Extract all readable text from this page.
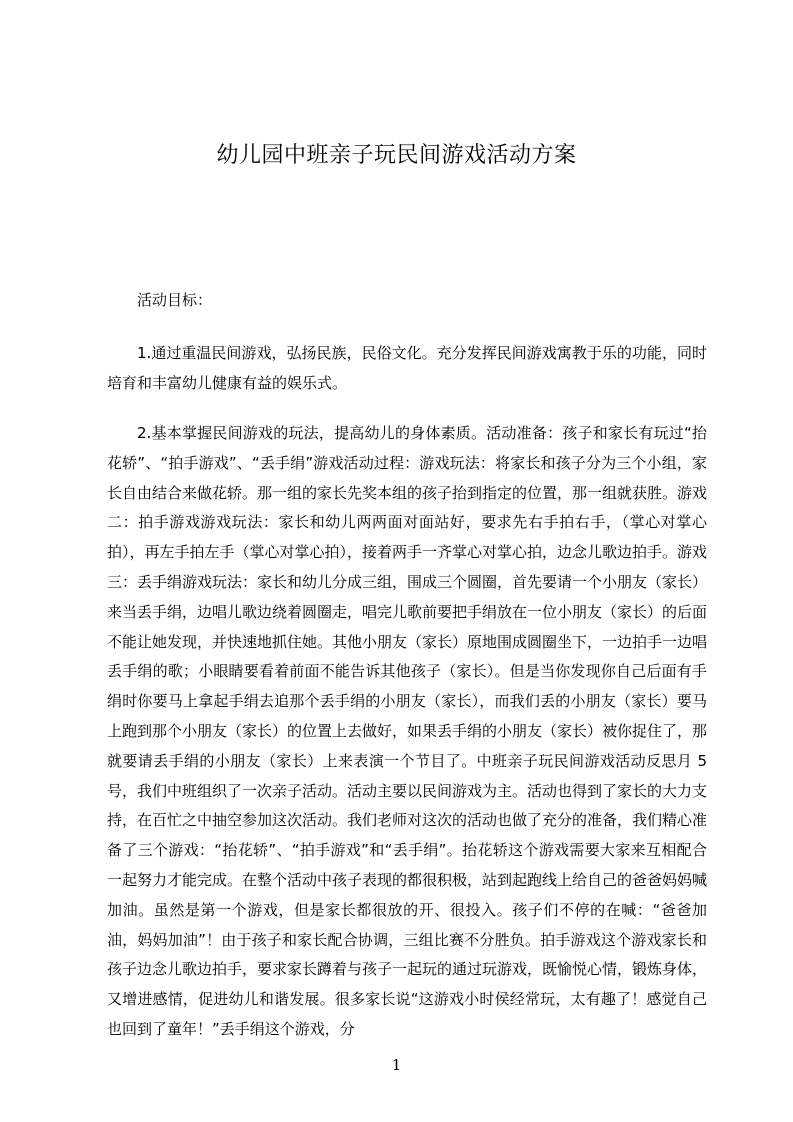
幼儿园中班亲子玩民间游戏活动方案
活动目标：

1.通过重温民间游戏，弘扬民族，民俗文化。充分发挥民间游戏寓教于乐的功能，同时培育和丰富幼儿健康有益的娱乐式。

2.基本掌握民间游戏的玩法，提高幼儿的身体素质。活动准备：孩子和家长有玩过“抬花轿”、“拍手游戏”、“丢手绢”游戏活动过程：游戏玩法：将家长和孩子分为三个小组，家长自由结合来做花轿。那一组的家长先奖本组的孩子抬到指定的位置，那一组就获胜。游戏二：拍手游戏游戏玩法：家长和幼儿两两面对面站好，要求先右手拍右手，（掌心对掌心拍），再左手拍左手（掌心对掌心拍），接着两手一齐掌心对掌心拍，边念儿歌边拍手。游戏三：丢手绢游戏玩法：家长和幼儿分成三组，围成三个圆圈，首先要请一个小朋友（家长）来当丢手绢，边唱儿歌边绕着圆圈走，唱完儿歌前要把手绢放在一位小朋友（家长）的后面不能让她发现，并快速地抓住她。其他小朋友（家长）原地围成圆圈坐下，一边拍手一边唱丢手绢的歌；小眼睛要看着前面不能告诉其他孩子（家长）。但是当你发现你自己后面有手绢时你要马上拿起手绢去追那个丢手绢的小朋友（家长），而我们丢的小朋友（家长）要马上跑到那个小朋友（家长）的位置上去做好，如果丢手绢的小朋友（家长）被你捉住了，那就要请丢手绢的小朋友（家长）上来表演一个节目了。中班亲子玩民间游戏活动反思月 5 号，我们中班组织了一次亲子活动。活动主要以民间游戏为主。活动也得到了家长的大力支持，在百忙之中抽空参加这次活动。我们老师对这次的活动也做了充分的准备，我们精心准备了三个游戏：“抬花轿”、“拍手游戏”和“丢手绢”。抬花轿这个游戏需要大家来互相配合一起努力才能完成。在整个活动中孩子表现的都很积极，站到起跑线上给自己的爸爸妈妈喊加油。虽然是第一个游戏，但是家长都很放的开、很投入。孩子们不停的在喊：“爸爸加油，妈妈加油”！由于孩子和家长配合协调，三组比赛不分胜负。拍手游戏这个游戏家长和孩子边念儿歌边拍手，要求家长蹲着与孩子一起玩的通过玩游戏，既愉悦心情，锻炼身体，又增进感情，促进幼儿和谐发展。很多家长说“这游戏小时侯经常玩，太有趣了！感觉自己也回到了童年！”丢手绢这个游戏，分

1
